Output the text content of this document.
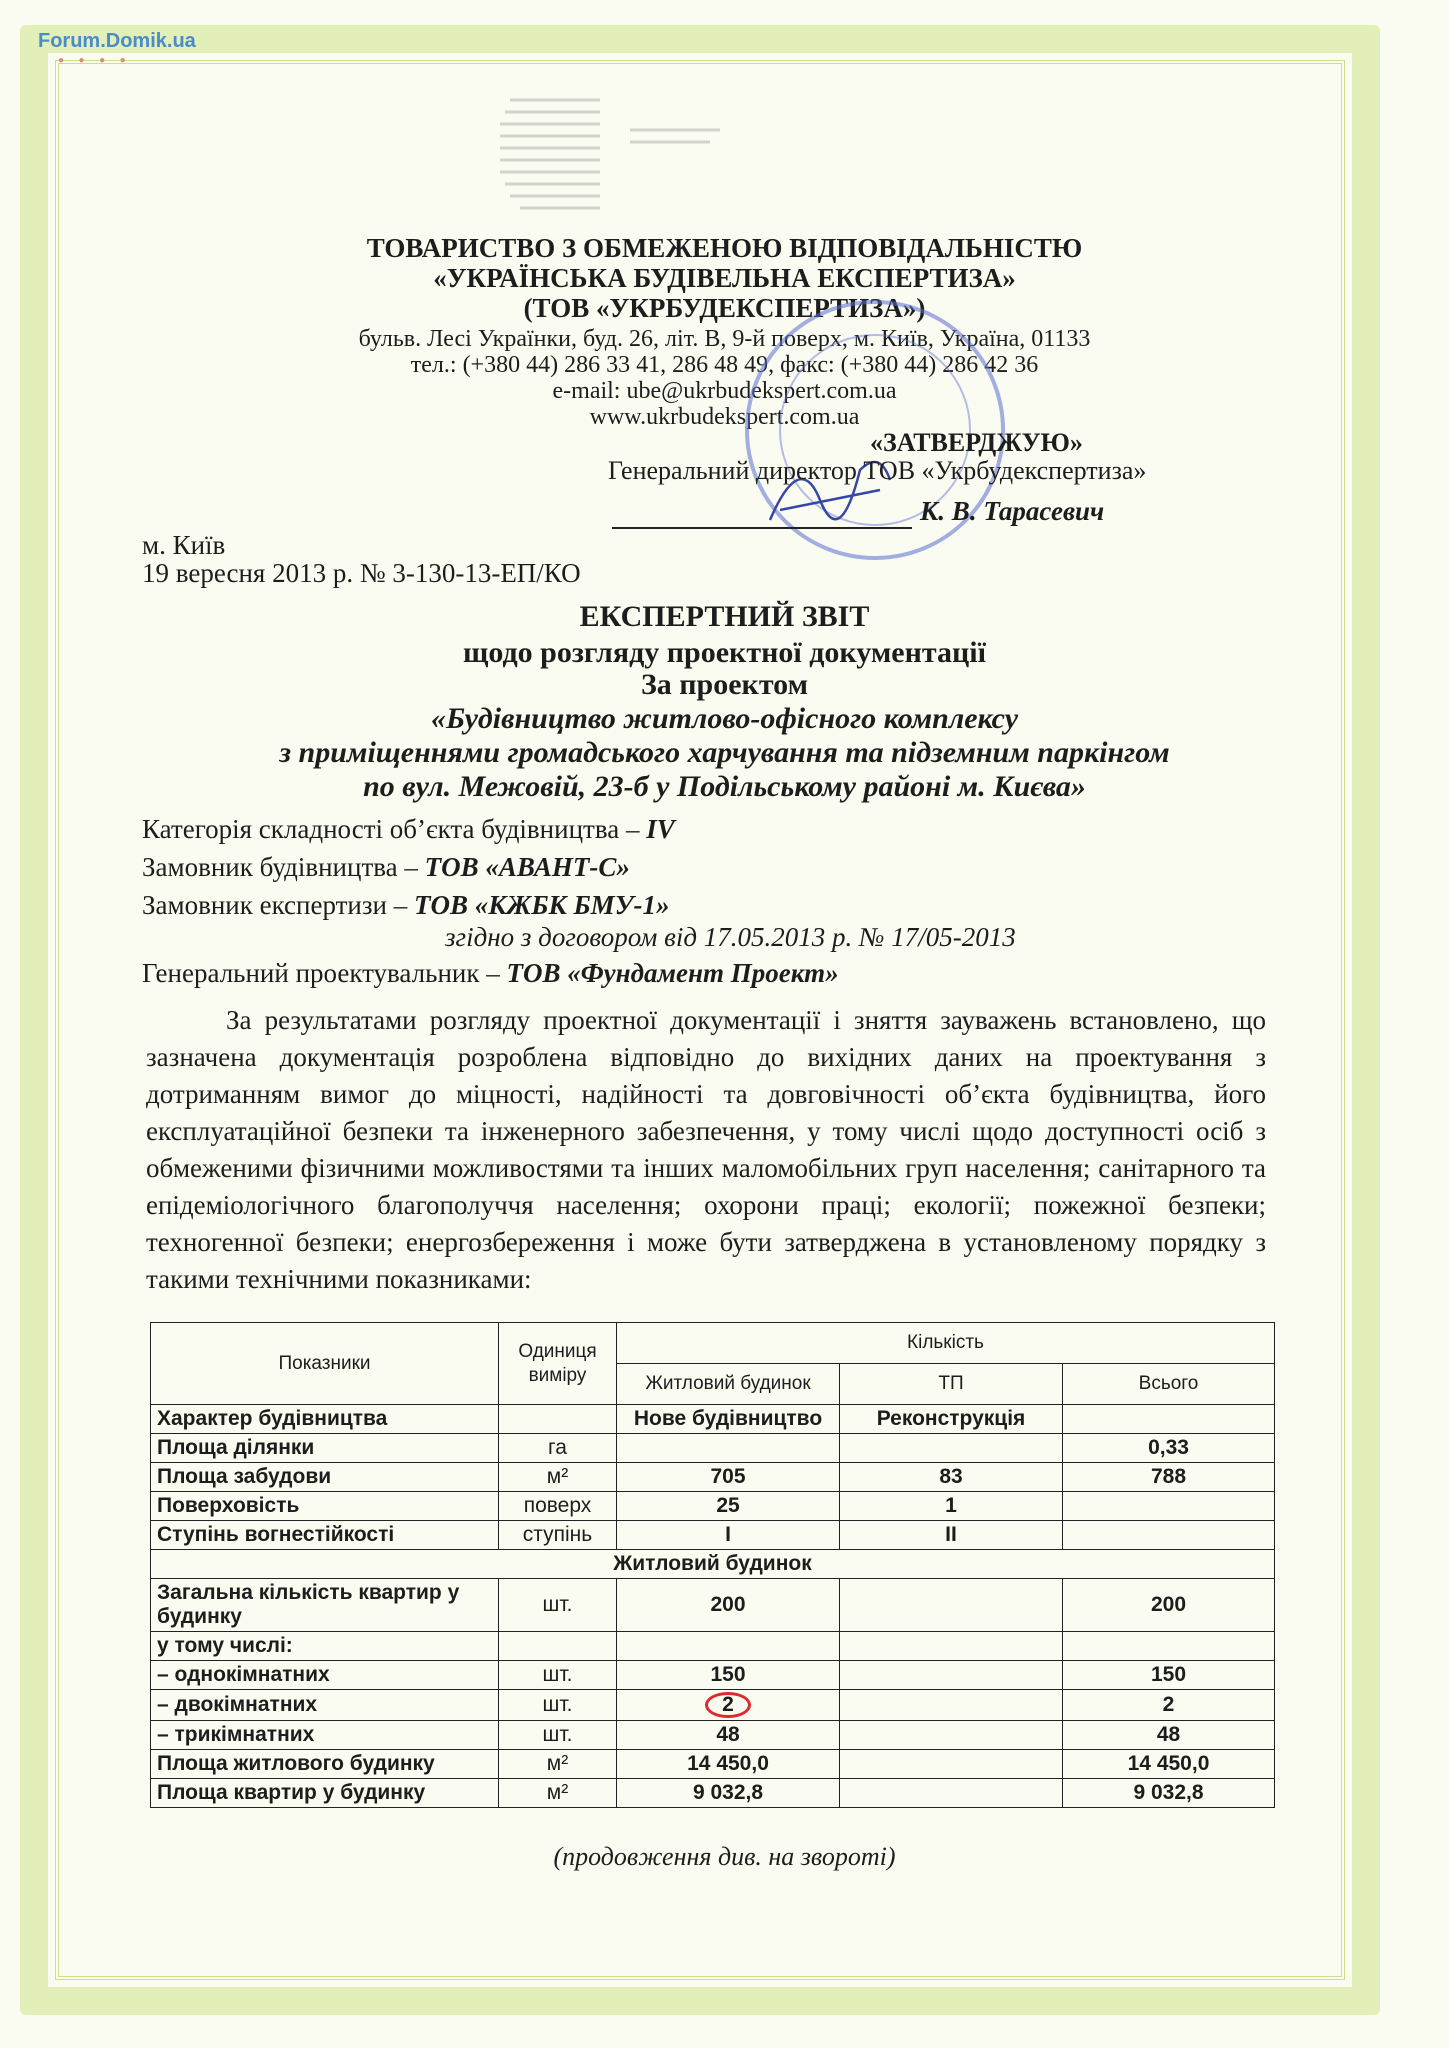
Forum.Domik.ua
● ● ● ●
ТОВАРИСТВО З ОБМЕЖЕНОЮ ВІДПОВІДАЛЬНІСТЮ
«УКРАЇНСЬКА БУДІВЕЛЬНА ЕКСПЕРТИЗА»
(ТОВ «УКРБУДЕКСПЕРТИЗА»)
бульв. Лесі Українки, буд. 26, літ. В, 9-й поверх, м. Київ, Україна, 01133
тел.: (+380 44) 286 33 41, 286 48 49, факс: (+380 44) 286 42 36
e-mail: ube@ukrbudekspert.com.ua
www.ukrbudekspert.com.ua
«ЗАТВЕРДЖУЮ»
Генеральний директор ТОВ «Укрбудекспертиза»
К. В. Тарасевич
м. Київ
19 вересня 2013 р. № 3-130-13-ЕП/КО
ЕКСПЕРТНИЙ ЗВІТ
щодо розгляду проектної документації
За проектом
«Будівництво житлово-офісного комплексу
з приміщеннями громадського харчування та підземним паркінгом
по вул. Межовій, 23-б у Подільському районі м. Києва»
Категорія складності об’єкта будівництва – IV
Замовник будівництва – ТОВ «АВАНТ-С»
Замовник експертизи – ТОВ «КЖБК БМУ-1»
згідно з договором від 17.05.2013 р. № 17/05-2013
Генеральний проектувальник – ТОВ «Фундамент Проект»
За результатами розгляду проектної документації і зняття зауважень встановлено, що зазначена документація розроблена відповідно до вихідних даних на проектування з дотриманням вимог до міцності, надійності та довговічності об’єкта будівництва, його експлуатаційної безпеки та інженерного забезпечення, у тому числі щодо доступності осіб з обмеженими фізичними можливостями та інших маломобільних груп населення; санітарного та епідеміологічного благополуччя населення; охорони праці; екології; пожежної безпеки; техногенної безпеки; енергозбереження і може бути затверджена в установленому порядку з такими технічними показниками:
Показники	Одиниця виміру	Кількість		
		Житловий будинок	ТП	Всього
Характер будівництва		Нове будівництво	Реконструкція	
Площа ділянки	га			0,33
Площа забудови	м²	705	83	788
Поверховість	поверх	25	1	
Ступінь вогнестійкості	ступінь	I	II	
Житловий будинок				
Загальна кількість квартир у будинку	шт.	200		200
у тому числі:				
– однокімнатних	шт.	150		150
– двокімнатних	шт.	2		2
– трикімнатних	шт.	48		48
Площа житлового будинку	м²	14 450,0		14 450,0
Площа квартир у будинку	м²	9 032,8		9 032,8
(продовження див. на звороті)
